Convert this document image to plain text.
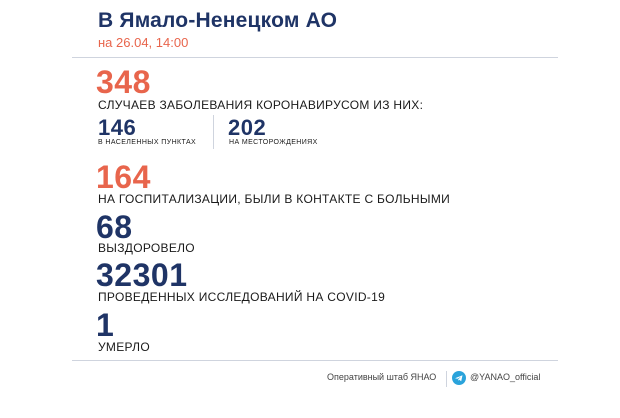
В Ямало-Ненецком АО
на 26.04, 14:00
348
СЛУЧАЕВ ЗАБОЛЕВАНИЯ КОРОНАВИРУСОМ ИЗ НИХ:
146
В НАСЕЛЕННЫХ ПУНКТАХ
202
НА МЕСТОРОЖДЕНИЯХ
164
НА ГОСПИТАЛИЗАЦИИ, БЫЛИ В КОНТАКТЕ С БОЛЬНЫМИ
68
ВЫЗДОРОВЕЛО
32301
ПРОВЕДЕННЫХ ИССЛЕДОВАНИЙ НА COVID-19
1
УМЕРЛО
Оперативный штаб ЯНАО	@YANAO_official
